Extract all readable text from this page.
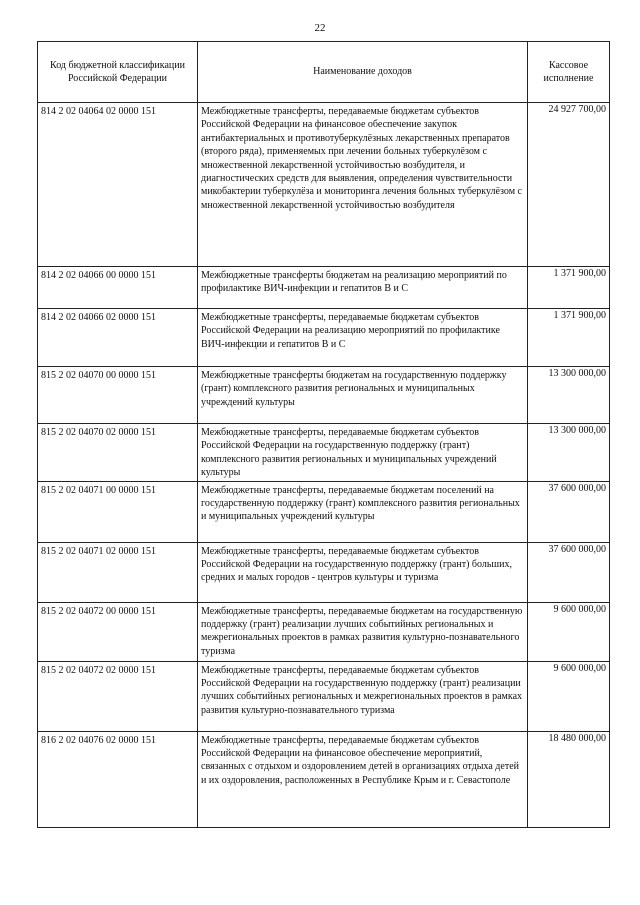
22
Код бюджетной классификации Российской Федерации	Наименование доходов	Кассовое исполнение
814 2 02 04064 02 0000 151	Межбюджетные трансферты, передаваемые бюджетам субъектов Российской Федерации на финансовое обеспечение закупок антибактериальных и противотуберкулёзных лекарственных препаратов (второго ряда), применяемых при лечении больных туберкулёзом с множественной лекарственной устойчивостью возбудителя, и диагностических средств для выявления, определения чувствительности микобактерии туберкулёза и мониторинга лечения больных туберкулёзом с множественной лекарственной устойчивостью возбудителя	24 927 700,00
814 2 02 04066 00 0000 151	Межбюджетные трансферты бюджетам на реализацию мероприятий по профилактике ВИЧ-инфекции и гепатитов В и С	1 371 900,00
814 2 02 04066 02 0000 151	Межбюджетные трансферты, передаваемые бюджетам субъектов Российской Федерации на реализацию мероприятий по профилактике ВИЧ-инфекции и гепатитов В и С	1 371 900,00
815 2 02 04070 00 0000 151	Межбюджетные трансферты бюджетам на государственную поддержку (грант) комплексного развития региональных и муниципальных учреждений культуры	13 300 000,00
815 2 02 04070 02 0000 151	Межбюджетные трансферты, передаваемые бюджетам субъектов Российской Федерации на государственную поддержку (грант) комплексного развития региональных и муниципальных учреждений культуры	13 300 000,00
815 2 02 04071 00 0000 151	Межбюджетные трансферты, передаваемые бюджетам поселений на государственную поддержку (грант) комплексного развития региональных и муниципальных учреждений культуры	37 600 000,00
815 2 02 04071 02 0000 151	Межбюджетные трансферты, передаваемые бюджетам субъектов Российской Федерации на государственную поддержку (грант) больших, средних и малых городов - центров культуры и туризма	37 600 000,00
815 2 02 04072 00 0000 151	Межбюджетные трансферты, передаваемые бюджетам на государственную поддержку (грант) реализации лучших событийных региональных и межрегиональных проектов в рамках развития культурно-познавательного туризма	9 600 000,00
815 2 02 04072 02 0000 151	Межбюджетные трансферты, передаваемые бюджетам субъектов Российской Федерации на государственную поддержку (грант) реализации лучших событийных региональных и межрегиональных проектов в рамках развития культурно-познавательного туризма	9 600 000,00
816 2 02 04076 02 0000 151	Межбюджетные трансферты, передаваемые бюджетам субъектов Российской Федерации на финансовое обеспечение мероприятий, связанных с отдыхом и оздоровлением детей в организациях отдыха детей и их оздоровления, расположенных в Республике Крым и г. Севастополе	18 480 000,00
